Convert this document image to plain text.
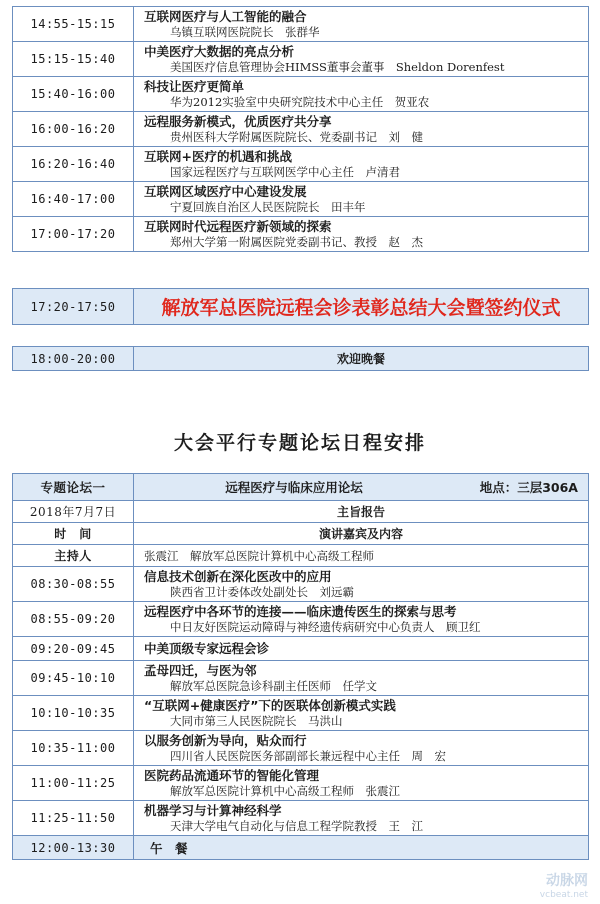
14:55-15:15	互联网医疗与人工智能的融合
乌镇互联网医院院长　张群华

15:15-15:40	中美医疗大数据的亮点分析
美国医疗信息管理协会HIMSS董事会董事　Sheldon Dorenfest

15:40-16:00	科技让医疗更简单
华为2012实验室中央研究院技术中心主任　贺亚农

16:00-16:20	远程服务新模式，优质医疗共分享
贵州医科大学附属医院院长、党委副书记　刘　健

16:20-16:40	互联网+医疗的机遇和挑战
国家远程医疗与互联网医学中心主任　卢清君

16:40-17:00	互联网区域医疗中心建设发展
宁夏回族自治区人民医院院长　田丰年

17:00-17:20	互联网时代远程医疗新领域的探索
郑州大学第一附属医院党委副书记、教授　赵　杰
17:20-17:50	解放军总医院远程会诊表彰总结大会暨签约仪式
18:00-20:00	欢迎晚餐
大会平行专题论坛日程安排
专题论坛一	远程医疗与临床应用论坛 地点：三层306A

2018年7月7日	主旨报告
时　间	演讲嘉宾及内容
主持人	张震江　解放军总医院计算机中心高级工程师
08:30-08:55	信息技术创新在深化医改中的应用
陕西省卫计委体改处副处长　刘远霸

08:55-09:20	远程医疗中各环节的连接——临床遗传医生的探索与思考
中日友好医院运动障碍与神经遗传病研究中心负责人　顾卫红

09:20-09:45	中美顶级专家远程会诊

09:45-10:10	孟母四迁，与医为邻
解放军总医院急诊科副主任医师　任学文

10:10-10:35	“互联网+健康医疗”下的医联体创新模式实践
大同市第三人民医院院长　马洪山

10:35-11:00	以服务创新为导向，贴众而行
四川省人民医院医务部副部长兼远程中心主任　周　宏

11:00-11:25	医院药品流通环节的智能化管理
解放军总医院计算机中心高级工程师　张震江

11:25-11:50	机器学习与计算神经科学
天津大学电气自动化与信息工程学院教授　王　江

12:00-13:30	午　餐
动脉网
vcbeat.net
